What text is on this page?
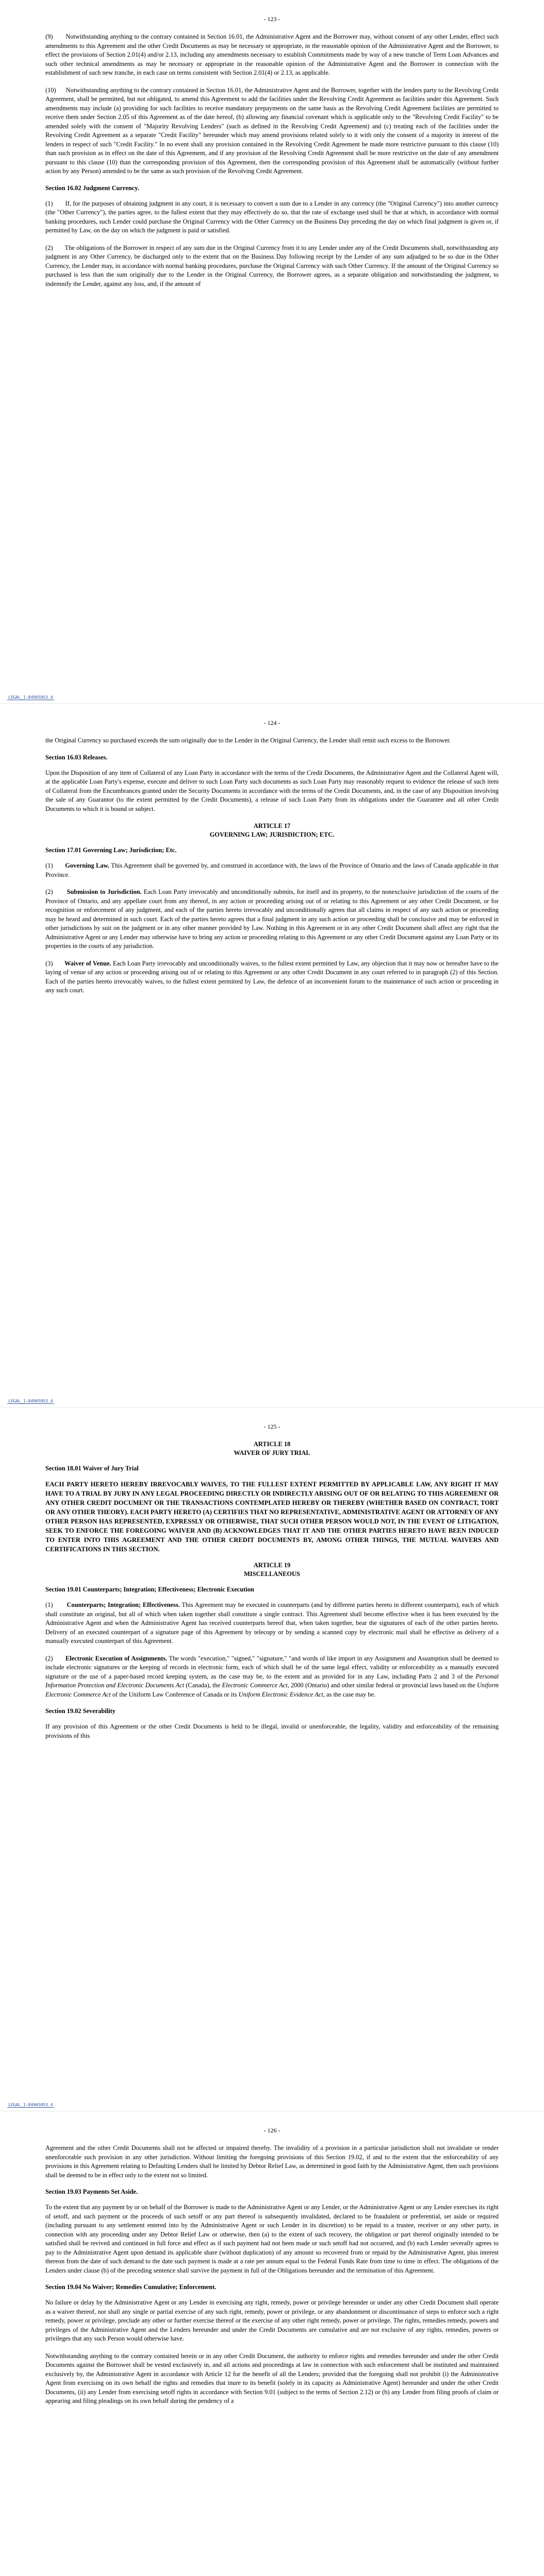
- 123 -

(9) Notwithstanding anything to the contrary contained in Section 16.01, the Administrative Agent and the Borrower may, without consent of any other Lender, effect such amendments to this Agreement and the other Credit Documents as may be necessary or appropriate, in the reasonable opinion of the Administrative Agent and the Borrower, to effect the provisions of Section 2.01(4) and/or 2.13, including any amendments necessary to establish Commitments made by way of a new tranche of Term Loan Advances and such other technical amendments as may be necessary or appropriate in the reasonable opinion of the Administrative Agent and the Borrower in connection with the establishment of such new tranche, in each case on terms consistent with Section 2.01(4) or 2.13, as applicable.

(10) Notwithstanding anything to the contrary contained in Section 16.01, the Administrative Agent and the Borrower, together with the lenders party to the Revolving Credit Agreement, shall be permitted, but not obligated, to amend this Agreement to add the facilities under the Revolving Credit Agreement as facilities under this Agreement. Such amendments may include (a) providing for such facilities to receive mandatory prepayments on the same basis as the Revolving Credit Agreement facilities are permitted to receive them under Section 2.05 of this Agreement as of the date hereof, (b) allowing any financial covenant which is applicable only to the "Revolving Credit Facility" to be amended solely with the consent of "Majority Revolving Lenders" (such as defined in the Revolving Credit Agreement) and (c) treating each of the facilities under the Revolving Credit Agreement as a separate "Credit Facility" hereunder which may amend provisions related solely to it with only the consent of a majority in interest of the lenders in respect of such "Credit Facility." In no event shall any provision contained in the Revolving Credit Agreement be made more restrictive pursuant to this clause (10) than such provision as in effect on the date of this Agreement, and if any provision of the Revolving Credit Agreement shall be more restrictive on the date of any amendment pursuant to this clause (10) than the corresponding provision of this Agreement, then the corresponding provision of this Agreement shall be automatically (without further action by any Person) amended to be the same as such provision of the Revolving Credit Agreement.

Section 16.02 Judgment Currency.

(1) If, for the purposes of obtaining judgment in any court, it is necessary to convert a sum due to a Lender in any currency (the "Original Currency") into another currency (the "Other Currency"), the parties agree, to the fullest extent that they may effectively do so, that the rate of exchange used shall be that at which, in accordance with normal banking procedures, such Lender could purchase the Original Currency with the Other Currency on the Business Day preceding the day on which final judgment is given or, if permitted by Law, on the day on which the judgment is paid or satisfied.

(2) The obligations of the Borrower in respect of any sum due in the Original Currency from it to any Lender under any of the Credit Documents shall, notwithstanding any judgment in any Other Currency, be discharged only to the extent that on the Business Day following receipt by the Lender of any sum adjudged to be so due in the Other Currency, the Lender may, in accordance with normal banking procedures, purchase the Original Currency with such Other Currency. If the amount of the Original Currency so purchased is less than the sum originally due to the Lender in the Original Currency, the Borrower agrees, as a separate obligation and notwithstanding the judgment, to indemnify the Lender, against any loss, and, if the amount of

LEGAL_1:84965053.4
- 124 -

the Original Currency so purchased exceeds the sum originally due to the Lender in the Original Currency, the Lender shall remit such excess to the Borrower.

Section 16.03 Releases.

Upon the Disposition of any item of Collateral of any Loan Party in accordance with the terms of the Credit Documents, the Administrative Agent and the Collateral Agent will, at the applicable Loan Party's expense, execute and deliver to such Loan Party such documents as such Loan Party may reasonably request to evidence the release of such item of Collateral from the Encumbrances granted under the Security Documents in accordance with the terms of the Credit Documents, and, in the case of any Disposition involving the sale of any Guarantor (to the extent permitted by the Credit Documents), a release of such Loan Party from its obligations under the Guarantee and all other Credit Documents to which it is bound or subject.

ARTICLE 17
GOVERNING LAW; JURISDICTION; ETC.
Section 17.01 Governing Law; Jurisdiction; Etc.

(1) Governing Law. This Agreement shall be governed by, and construed in accordance with, the laws of the Province of Ontario and the laws of Canada applicable in that Province.

(2) Submission to Jurisdiction. Each Loan Party irrevocably and unconditionally submits, for itself and its property, to the nonexclusive jurisdiction of the courts of the Province of Ontario, and any appellate court from any thereof, in any action or proceeding arising out of or relating to this Agreement or any other Credit Document, or for recognition or enforcement of any judgment, and each of the parties hereto irrevocably and unconditionally agrees that all claims in respect of any such action or proceeding may be heard and determined in such court. Each of the parties hereto agrees that a final judgment in any such action or proceeding shall be conclusive and may be enforced in other jurisdictions by suit on the judgment or in any other manner provided by Law. Nothing in this Agreement or in any other Credit Document shall affect any right that the Administrative Agent or any Lender may otherwise have to bring any action or proceeding relating to this Agreement or any other Credit Document against any Loan Party or its properties in the courts of any jurisdiction.

(3) Waiver of Venue. Each Loan Party irrevocably and unconditionally waives, to the fullest extent permitted by Law, any objection that it may now or hereafter have to the laying of venue of any action or proceeding arising out of or relating to this Agreement or any other Credit Document in any court referred to in paragraph (2) of this Section. Each of the parties hereto irrevocably waives, to the fullest extent permitted by Law, the defence of an inconvenient forum to the maintenance of such action or proceeding in any such court.

LEGAL_1:84965053.4
- 125 -
ARTICLE 18
WAIVER OF JURY TRIAL
Section 18.01 Waiver of Jury Trial

EACH PARTY HERETO HEREBY IRREVOCABLY WAIVES, TO THE FULLEST EXTENT PERMITTED BY APPLICABLE LAW, ANY RIGHT IT MAY HAVE TO A TRIAL BY JURY IN ANY LEGAL PROCEEDING DIRECTLY OR INDIRECTLY ARISING OUT OF OR RELATING TO THIS AGREEMENT OR ANY OTHER CREDIT DOCUMENT OR THE TRANSACTIONS CONTEMPLATED HEREBY OR THEREBY (WHETHER BASED ON CONTRACT, TORT OR ANY OTHER THEORY). EACH PARTY HERETO (A) CERTIFIES THAT NO REPRESENTATIVE, ADMINISTRATIVE AGENT OR ATTORNEY OF ANY OTHER PERSON HAS REPRESENTED, EXPRESSLY OR OTHERWISE, THAT SUCH OTHER PERSON WOULD NOT, IN THE EVENT OF LITIGATION, SEEK TO ENFORCE THE FOREGOING WAIVER AND (B) ACKNOWLEDGES THAT IT AND THE OTHER PARTIES HERETO HAVE BEEN INDUCED TO ENTER INTO THIS AGREEMENT AND THE OTHER CREDIT DOCUMENTS BY, AMONG OTHER THINGS, THE MUTUAL WAIVERS AND CERTIFICATIONS IN THIS SECTION.

ARTICLE 19
MISCELLANEOUS
Section 19.01 Counterparts; Integration; Effectiveness; Electronic Execution

(1) Counterparts; Integration; Effectiveness. This Agreement may be executed in counterparts (and by different parties hereto in different counterparts), each of which shall constitute an original, but all of which when taken together shall constitute a single contract. This Agreement shall become effective when it has been executed by the Administrative Agent and when the Administrative Agent has received counterparts hereof that, when taken together, bear the signatures of each of the other parties hereto. Delivery of an executed counterpart of a signature page of this Agreement by telecopy or by sending a scanned copy by electronic mail shall be effective as delivery of a manually executed counterpart of this Agreement.

(2) Electronic Execution of Assignments. The words "execution," "signed," "signature," "and words of like import in any Assignment and Assumption shall be deemed to include electronic signatures or the keeping of records in electronic form, each of which shall be of the same legal effect, validity or enforceability as a manually executed signature or the use of a paper-based record keeping system, as the case may be, to the extent and as provided for in any Law, including Parts 2 and 3 of the Personal Information Protection and Electronic Documents Act (Canada), the Electronic Commerce Act, 2000 (Ontario) and other similar federal or provincial laws based on the Uniform Electronic Commerce Act of the Uniform Law Conference of Canada or its Uniform Electronic Evidence Act, as the case may be.

Section 19.02 Severability

If any provision of this Agreement or the other Credit Documents is held to be illegal, invalid or unenforceable, the legality, validity and enforceability of the remaining provisions of this

LEGAL_1:84965053.4
- 126 -

Agreement and the other Credit Documents shall not be affected or impaired thereby. The invalidity of a provision in a particular jurisdiction shall not invalidate or render unenforceable such provision in any other jurisdiction. Without limiting the foregoing provisions of this Section 19.02, if and to the extent that the enforceability of any provisions in this Agreement relating to Defaulting Lenders shall be limited by Debtor Relief Law, as determined in good faith by the Administrative Agent, then such provisions shall be deemed to be in effect only to the extent not so limited.

Section 19.03 Payments Set Aside.

To the extent that any payment by or on behalf of the Borrower is made to the Administrative Agent or any Lender, or the Administrative Agent or any Lender exercises its right of setoff, and such payment or the proceeds of such setoff or any part thereof is subsequently invalidated, declared to be fraudulent or preferential, set aside or required (including pursuant to any settlement entered into by the Administrative Agent or such Lender in its discretion) to be repaid to a trustee, receiver or any other party, in connection with any proceeding under any Debtor Relief Law or otherwise, then (a) to the extent of such recovery, the obligation or part thereof originally intended to be satisfied shall be revived and continued in full force and effect as if such payment had not been made or such setoff had not occurred, and (b) each Lender severally agrees to pay to the Administrative Agent upon demand its applicable share (without duplication) of any amount so recovered from or repaid by the Administrative Agent, plus interest thereon from the date of such demand to the date such payment is made at a rate per annum equal to the Federal Funds Rate from time to time in effect. The obligations of the Lenders under clause (b) of the preceding sentence shall survive the payment in full of the Obligations hereunder and the termination of this Agreement.

Section 19.04 No Waiver; Remedies Cumulative; Enforcement.

No failure or delay by the Administrative Agent or any Lender in exercising any right, remedy, power or privilege hereunder or under any other Credit Document shall operate as a waiver thereof, nor shall any single or partial exercise of any such right, remedy, power or privilege, or any abandonment or discontinuance of steps to enforce such a right remedy, power or privilege, preclude any other or further exercise thereof or the exercise of any other right remedy, power or privilege. The rights, remedies remedy, powers and privileges of the Administrative Agent and the Lenders hereunder and under the Credit Documents are cumulative and are not exclusive of any rights, remedies, powers or privileges that any such Person would otherwise have.

Notwithstanding anything to the contrary contained herein or in any other Credit Document, the authority to enforce rights and remedies hereunder and under the other Credit Documents against the Borrower shall be vested exclusively in, and all actions and proceedings at law in connection with such enforcement shall be instituted and maintained exclusively by, the Administrative Agent in accordance with Article 12 for the benefit of all the Lenders; provided that the foregoing shall not prohibit (i) the Administrative Agent from exercising on its own behalf the rights and remedies that inure to its benefit (solely in its capacity as Administrative Agent) hereunder and under the other Credit Documents, (ii) any Lender from exercising setoff rights in accordance with Section 9.01 (subject to the terms of Section 2.12) or (b) any Lender from filing proofs of claim or appearing and filing pleadings on its own behalf during the pendency of a
